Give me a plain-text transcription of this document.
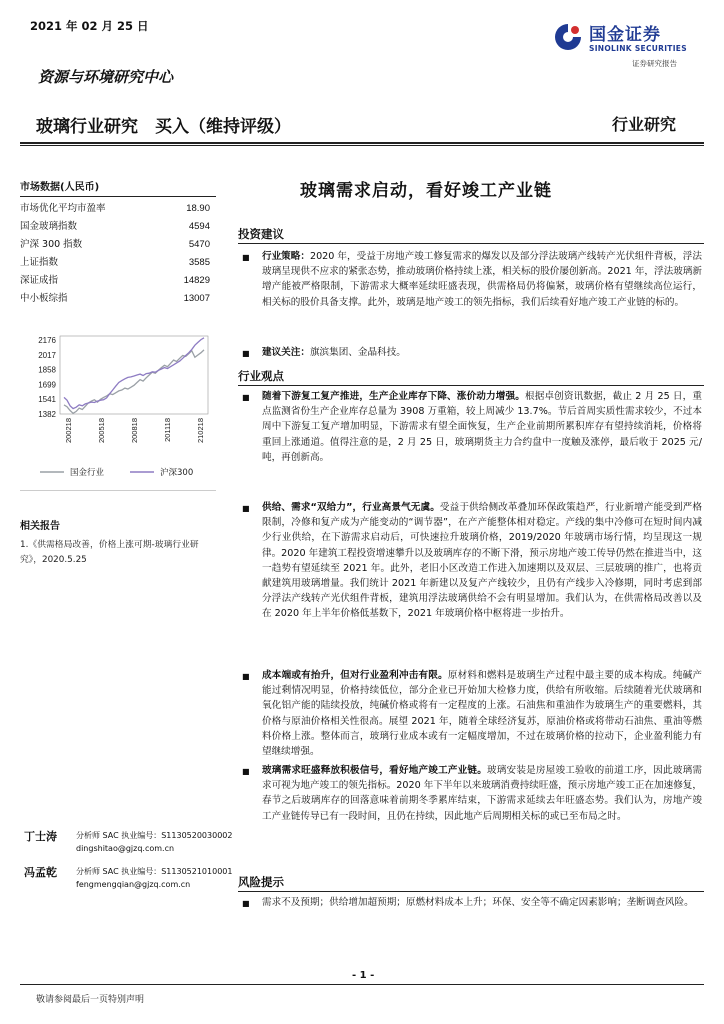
2021 年 02 月 25 日	国金证券
SINOLINK SECURITIES
证券研究报告
资源与环境研究中心
玻璃行业研究　买入（维持评级）	行业研究
市场数据(人民币)
市场优化平均市盈率	18.90
国金玻璃指数	4594
沪深 300 指数	5470
上证指数	3585
深证成指	14829
中小板综指	13007
2176
2017
1858
1699
1541
1382
200218	200518	200818	201118	210218
国金行业	沪深300
相关报告
1.《供需格局改善，价格上涨可期-玻璃行业研究》，2020.5.25
丁士涛 分析师 SAC 执业编号：S1130520030002
dingshitao@gjzq.com.cn
冯孟乾 分析师 SAC 执业编号：S1130521010001
fengmengqian@gjzq.com.cn
玻璃需求启动，看好竣工产业链
投资建议
■ 行业策略：2020 年，受益于房地产竣工修复需求的爆发以及部分浮法玻璃产线转产光伏组件背板，浮法玻璃呈现供不应求的紧张态势，推动玻璃价格持续上涨，相关标的股价屡创新高。2021 年，浮法玻璃新增产能被严格限制，下游需求大概率延续旺盛表现，供需格局仍将偏紧，玻璃价格有望继续高位运行，相关标的股价具备支撑。此外，玻璃是地产竣工的领先指标，我们后续看好地产竣工产业链的标的。
■ 建议关注：旗滨集团、金晶科技。
行业观点
■ 随着下游复工复产推进，生产企业库存下降、涨价动力增强。根据卓创资讯数据，截止 2 月 25 日，重点监测省份生产企业库存总量为 3908 万重箱，较上周减少 13.7%。节后首周实质性需求较少，不过本周中下游复工复产增加明显，下游需求有望全面恢复，生产企业前期所累积库存有望持续消耗，价格将重回上涨通道。值得注意的是，2 月 25 日，玻璃期货主力合约盘中一度触及涨停，最后收于 2025 元/吨，再创新高。
■ 供给、需求“双给力”，行业高景气无虞。受益于供给侧改革叠加环保政策趋严，行业新增产能受到严格限制，冷修和复产成为产能变动的“调节器”，在产产能整体相对稳定。产线的集中冷修可在短时间内减少行业供给，在下游需求启动后，可快速拉升玻璃价格，2019/2020 年玻璃市场行情，均呈现这一规律。2020 年建筑工程投资增速攀升以及玻璃库存的不断下滑，预示房地产竣工传导仍然在推进当中，这一趋势有望延续至 2021 年。此外，老旧小区改造工作进入加速期以及双层、三层玻璃的推广，也将贡献建筑用玻璃增量。我们统计 2021 年新建以及复产产线较少，且仍有产线步入冷修期，同时考虑到部分浮法产线转产光伏组件背板，建筑用浮法玻璃供给不会有明显增加。我们认为，在供需格局改善以及在 2020 年上半年价格低基数下，2021 年玻璃价格中枢将进一步抬升。
■ 成本端或有抬升，但对行业盈利冲击有限。原材料和燃料是玻璃生产过程中最主要的成本构成。纯碱产能过剩情况明显，价格持续低位，部分企业已开始加大检修力度，供给有所收缩。后续随着光伏玻璃和氧化铝产能的陆续投放，纯碱价格或将有一定程度的上涨。石油焦和重油作为玻璃生产的重要燃料，其价格与原油价格相关性很高。展望 2021 年，随着全球经济复苏，原油价格或将带动石油焦、重油等燃料价格上涨。整体而言，玻璃行业成本或有一定幅度增加，不过在玻璃价格的拉动下，企业盈利能力有望继续增强。
■ 玻璃需求旺盛释放积极信号，看好地产竣工产业链。玻璃安装是房屋竣工验收的前道工序，因此玻璃需求可视为地产竣工的领先指标。2020 年下半年以来玻璃消费持续旺盛，预示房地产竣工正在加速修复，春节之后玻璃库存的回落意味着前期冬季累库结束，下游需求延续去年旺盛态势。我们认为，房地产竣工产业链传导已有一段时间，且仍在持续，因此地产后周期相关标的或已至布局之时。
风险提示
■ 需求不及预期；供给增加超预期；原燃材料成本上升；环保、安全等不确定因素影响；垄断调查风险。
- 1 -
敬请参阅最后一页特别声明
